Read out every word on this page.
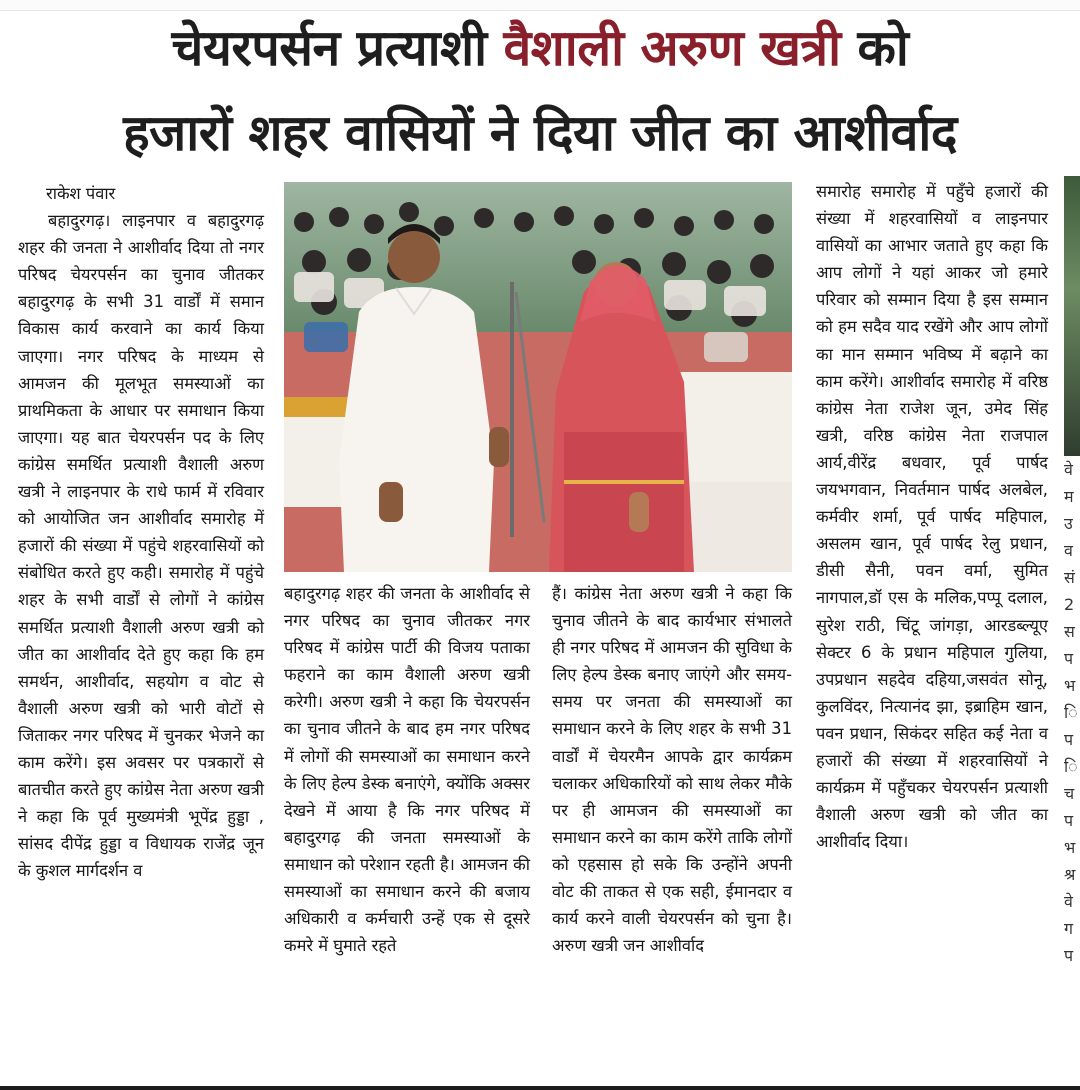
चेयरपर्सन प्रत्याशी वैशाली अरुण खत्री को
हजारों शहर वासियों ने दिया जीत का आशीर्वाद
राकेश पंवार

बहादुरगढ़। लाइनपार व बहादुरगढ़ शहर की जनता ने आशीर्वाद दिया तो नगर परिषद चेयरपर्सन का चुनाव जीतकर बहादुरगढ़ के सभी 31 वार्डों में समान विकास कार्य करवाने का कार्य किया जाएगा। नगर परिषद के माध्यम से आमजन की मूलभूत समस्याओं का प्राथमिकता के आधार पर समाधान किया जाएगा। यह बात चेयरपर्सन पद के लिए कांग्रेस समर्थित प्रत्याशी वैशाली अरुण खत्री ने लाइनपार के राधे फार्म में रविवार को आयोजित जन आशीर्वाद समारोह में हजारों की संख्या में पहुंचे शहरवासियों को संबोधित करते हुए कही। समारोह में पहुंचे शहर के सभी वार्डों से लोगों ने कांग्रेस समर्थित प्रत्याशी वैशाली अरुण खत्री को जीत का आशीर्वाद देते हुए कहा कि हम समर्थन, आशीर्वाद, सहयोग व वोट से वैशाली अरुण खत्री को भारी वोटों से जिताकर नगर परिषद में चुनकर भेजने का काम करेंगे। इस अवसर पर पत्रकारों से बातचीत करते हुए कांग्रेस नेता अरुण खत्री ने कहा कि पूर्व मुख्यमंत्री भूपेंद्र हुड्डा , सांसद दीपेंद्र हुड्डा व विधायक राजेंद्र जून के कुशल मार्गदर्शन व

बहादुरगढ़ शहर की जनता के आशीर्वाद से नगर परिषद का चुनाव जीतकर नगर परिषद में कांग्रेस पार्टी की विजय पताका फहराने का काम वैशाली अरुण खत्री करेगी। अरुण खत्री ने कहा कि चेयरपर्सन का चुनाव जीतने के बाद हम नगर परिषद में लोगों की समस्याओं का समाधान करने के लिए हेल्प डेस्क बनाएंगे, क्योंकि अक्सर देखने में आया है कि नगर परिषद में बहादुरगढ़ की जनता समस्याओं के समाधान को परेशान रहती है। आमजन की समस्याओं का समाधान करने की बजाय अधिकारी व कर्मचारी उन्हें एक से दूसरे कमरे में घुमाते रहते

हैं। कांग्रेस नेता अरुण खत्री ने कहा कि चुनाव जीतने के बाद कार्यभार संभालते ही नगर परिषद में आमजन की सुविधा के लिए हेल्प डेस्क बनाए जाएंगे और समय-समय पर जनता की समस्याओं का समाधान करने के लिए शहर के सभी 31 वार्डों में चेयरमैन आपके द्वार कार्यक्रम चलाकर अधिकारियों को साथ लेकर मौके पर ही आमजन की समस्याओं का समाधान करने का काम करेंगे ताकि लोगों को एहसास हो सके कि उन्होंने अपनी वोट की ताकत से एक सही, ईमानदार व कार्य करने वाली चेयरपर्सन को चुना है। अरुण खत्री जन आशीर्वाद

समारोह समारोह में पहुँचे हजारों की संख्या में शहरवासियों व लाइनपार वासियों का आभार जताते हुए कहा कि आप लोगों ने यहां आकर जो हमारे परिवार को सम्मान दिया है इस सम्मान को हम सदैव याद रखेंगे और आप लोगों का मान सम्मान भविष्य में बढ़ाने का काम करेंगे। आशीर्वाद समारोह में वरिष्ठ कांग्रेस नेता राजेश जून, उमेद सिंह खत्री, वरिष्ठ कांग्रेस नेता राजपाल आर्य,वीरेंद्र बधवार, पूर्व पार्षद जयभगवान, निवर्तमान पार्षद अलबेल, कर्मवीर शर्मा, पूर्व पार्षद महिपाल, असलम खान, पूर्व पार्षद रेलु प्रधान, डीसी सैनी, पवन वर्मा, सुमित नागपाल,डॉ एस के मलिक,पप्पू दलाल, सुरेश राठी, चिंटू जांगड़ा, आरडब्ल्यूए सेक्टर 6 के प्रधान महिपाल गुलिया, उपप्रधान सहदेव दहिया,जसवंत सोनू, कुलविंदर, नित्यानंद झा, इब्राहिम खान, पवन प्रधान, सिकंदर सहित कई नेता व हजारों की संख्या में शहरवासियों ने कार्यक्रम में पहुँचकर चेयरपर्सन प्रत्याशी वैशाली अरुण खत्री को जीत का आशीर्वाद दिया।

वे
म
उ
व
सं
2
स
प
भ
ि
प
ि
च
प
भ
श्र
वे
ग
प
